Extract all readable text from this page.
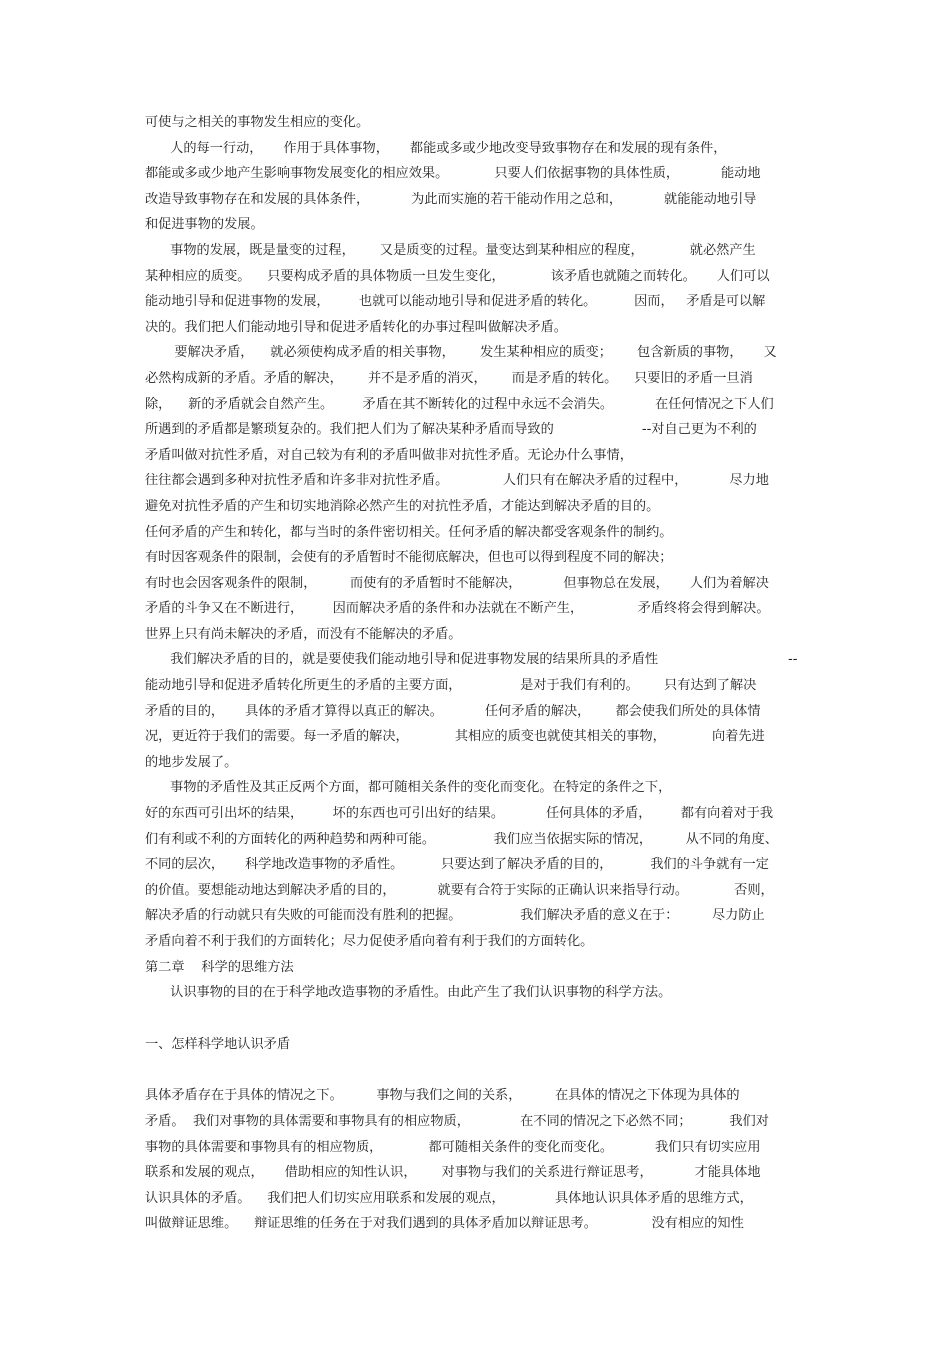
可使与之相关的事物发生相应的变化。
人的每一行动，     作用于具体事物，     都能或多或少地改变导致事物存在和发展的现有条件，
都能或多或少地产生影响事物发展变化的相应效果。           只要人们依据事物的具体性质，          能动地
改造导致事物存在和发展的具体条件，          为此而实施的若干能动作用之总和，          就能能动地引导
和促进事物的发展。
事物的发展，既是量变的过程，      又是质变的过程。量变达到某种相应的程度，           就必然产生
某种相应的质变。    只要构成矛盾的具体物质一旦发生变化，           该矛盾也就随之而转化。     人们可以
能动地引导和促进事物的发展，       也就可以能动地引导和促进矛盾的转化。         因而，   矛盾是可以解
决的。我们把人们能动地引导和促进矛盾转化的办事过程叫做解决矛盾。
要解决矛盾，    就必须使构成矛盾的相关事物，      发生某种相应的质变；      包含新质的事物，     又
必然构成新的矛盾。矛盾的解决，      并不是矛盾的消灭，      而是矛盾的转化。    只要旧的矛盾一旦消
除，    新的矛盾就会自然产生。       矛盾在其不断转化的过程中永远不会消失。          在任何情况之下人们
所遇到的矛盾都是繁琐复杂的。我们把人们为了解决某种矛盾而导致的                     --对自己更为不利的
矛盾叫做对抗性矛盾，对自己较为有利的矛盾叫做非对抗性矛盾。无论办什么事情，
往往都会遇到多种对抗性矛盾和许多非对抗性矛盾。             人们只有在解决矛盾的过程中，          尽力地
避免对抗性矛盾的产生和切实地消除必然产生的对抗性矛盾，才能达到解决矛盾的目的。
任何矛盾的产生和转化，都与当时的条件密切相关。任何矛盾的解决都受客观条件的制约。
有时因客观条件的限制，会使有的矛盾暂时不能彻底解决，但也可以得到程度不同的解决；
有时也会因客观条件的限制，        而使有的矛盾暂时不能解决，          但事物总在发展，     人们为着解决
矛盾的斗争又在不断进行，       因而解决矛盾的条件和办法就在不断产生，             矛盾终将会得到解决。
世界上只有尚未解决的矛盾，而没有不能解决的矛盾。
我们解决矛盾的目的，就是要使我们能动地引导和促进事物发展的结果所具的矛盾性                               --
能动地引导和促进矛盾转化所更生的矛盾的主要方面，              是对于我们有利的。      只有达到了解决
矛盾的目的，     具体的矛盾才算得以真正的解决。          任何矛盾的解决，      都会使我们所处的具体情
况，更近符于我们的需要。每一矛盾的解决，           其相应的质变也就使其相关的事物，           向着先进
的地步发展了。
事物的矛盾性及其正反两个方面，都可随相关条件的变化而变化。在特定的条件之下，
好的东西可引出坏的结果，       坏的东西也可引出好的结果。          任何具体的矛盾，       都有向着对于我
们有利或不利的方面转化的两种趋势和两种可能。              我们应当依据实际的情况，        从不同的角度、
不同的层次，     科学地改造事物的矛盾性。         只要达到了解决矛盾的目的，         我们的斗争就有一定
的价值。要想能动地达到解决矛盾的目的，          就要有合符于实际的正确认识来指导行动。           否则，
解决矛盾的行动就只有失败的可能而没有胜利的把握。              我们解决矛盾的意义在于：        尽力防止
矛盾向着不利于我们的方面转化；尽力促使矛盾向着有利于我们的方面转化。
第二章    科学的思维方法
认识事物的目的在于科学地改造事物的矛盾性。由此产生了我们认识事物的科学方法。
一、怎样科学地认识矛盾
具体矛盾存在于具体的情况之下。        事物与我们之间的关系，        在具体的情况之下体现为具体的
矛盾。  我们对事物的具体需要和事物具有的相应物质，            在不同的情况之下必然不同；         我们对
事物的具体需要和事物具有的相应物质，           都可随相关条件的变化而变化。          我们只有切实应用
联系和发展的观点，     借助相应的知性认识，      对事物与我们的关系进行辩证思考，          才能具体地
认识具体的矛盾。    我们把人们切实应用联系和发展的观点，            具体地认识具体矛盾的思维方式，
叫做辩证思维。    辩证思维的任务在于对我们遇到的具体矛盾加以辩证思考。             没有相应的知性
